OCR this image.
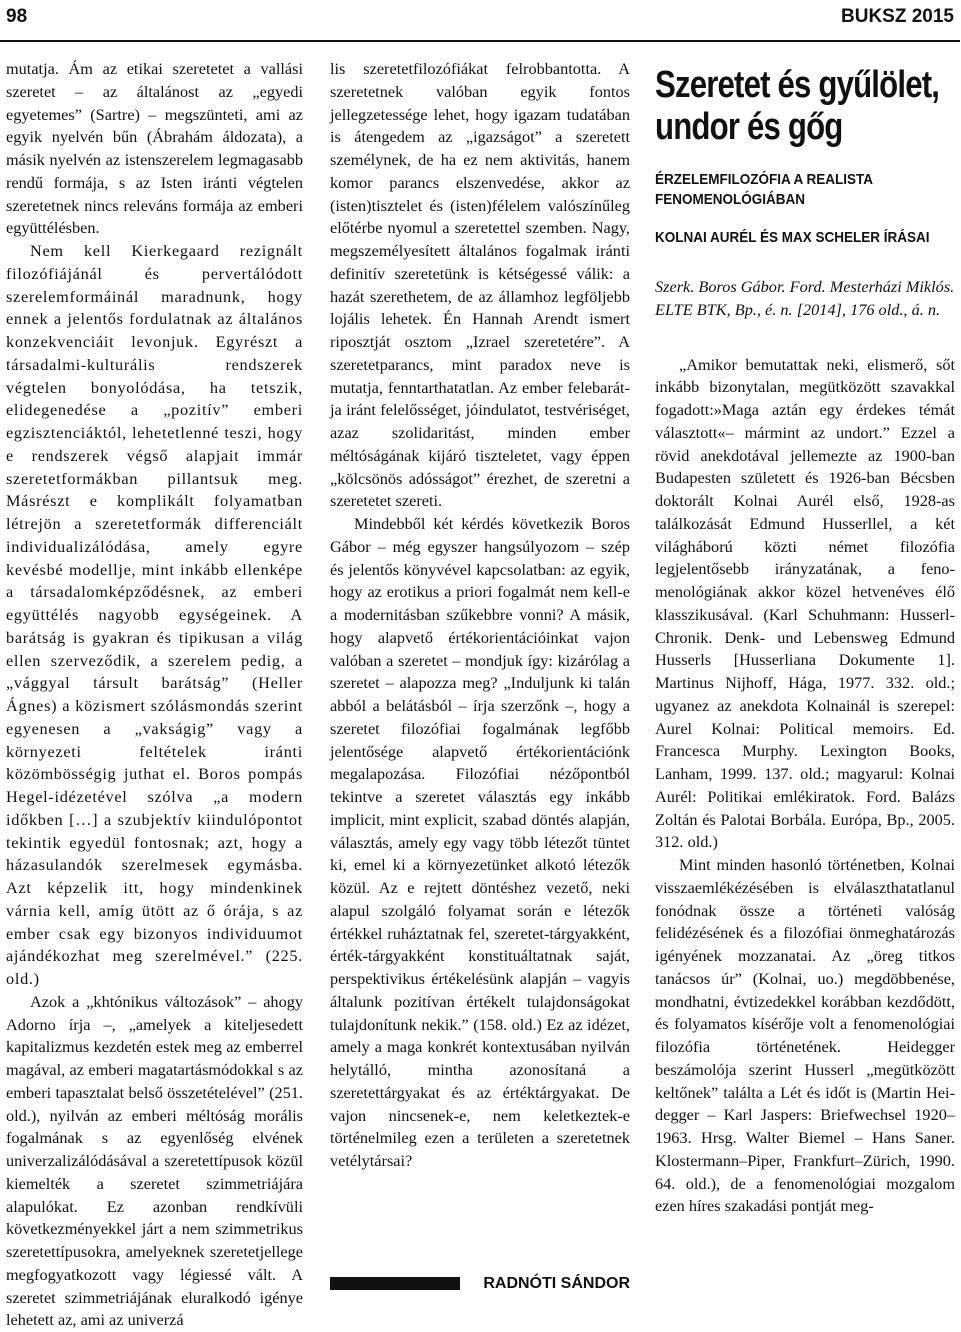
98	BUKSZ 2015

mutatja. Ám az etikai szeretetet a vallási szeretet – az általánost az „egyedi egyetemes” (Sartre) – megszünteti, ami az egyik nyelvén bűn (Ábrahám áldozata), a másik nyelvén az istenszerelem legmagasabb rendű formája, s az Isten iránti végtelen szeretetnek nincs releváns formája az emberi együttélésben.

Nem kell Kierkegaard rezignált filozófiájánál és pervertálódott szerelemformáinál maradnunk, hogy ennek a jelentős fordulatnak az általános konzekvenciáit levonjuk. Egyrészt a társadalmi-kulturális rendszerek végtelen bonyolódása, ha tetszik, elidegenedése a „pozitív” emberi egzisztenciáktól, lehetetlenné teszi, hogy e rendszerek végső alapjait immár szeretetformákban pillantsuk meg. Másrészt e komplikált folyamatban létrejön a szeretetformák differenciált individualizálódása, amely egyre kevésbé modellje, mint inkább ellenképe a társadalomképződésnek, az emberi együttélés nagyobb egységeinek. A barátság is gyakran és tipikusan a világ ellen szerveződik, a szerelem pedig, a „vággyal társult barátság” (Heller Ágnes) a közismert szólásmondás szerint egyenesen a „vakságig” vagy a környezeti feltételek iránti közömbösségig juthat el. Boros pompás Hegel-idézetével szólva „a modern időkben […] a szubjektív kiindulópontot tekintik egyedül fontosnak; azt, hogy a házasulandók szerelmesek egymásba. Azt képzelik itt, hogy mindenkinek várnia kell, amíg ütött az ő órája, s az ember csak egy bizonyos individuumot ajándékozhat meg szerelmével.” (225. old.)

Azok a „khtónikus változások” – ahogy Adorno írja –, „amelyek a kiteljesedett kapitalizmus kezdetén estek meg az emberrel magával, az emberi magatartásmódokkal s az emberi tapasztalat belső összetételével” (251. old.), nyilván az emberi méltóság morális fogalmának s az egyenlőség elvének univerzalizálódásával a szeretettípusok közül kiemelték a szeretet szimmetriájára alapulókat. Ez azonban rendkívüli következményekkel járt a nem szimmetrikus szeretettípusokra, amelyeknek szeretetjellege megfogyatkozott vagy légiessé vált. A szeretet szimmetriájának eluralkodó igénye lehetett az, ami az univerzá

lis szeretetfilozófiákat felrobbantotta. A szeretetnek valóban egyik fontos jellegzetessége lehet, hogy igazam tudatában is átengedem az „igazságot” a szeretett személynek, de ha ez nem aktivitás, hanem komor parancs elszenvedése, akkor az (isten)tisztelet és (isten)félelem valószínűleg előtérbe nyomul a szeretettel szemben. Nagy, megszemélyesített általános fogalmak iránti definitív szeretetünk is kétségessé válik: a hazát szerethetem, de az államhoz legföljebb lojális lehetek. Én Hannah Arendt ismert riposztját osztom „Izrael szeretetére”. A szeretetparancs, mint paradox neve is mutatja, fenntarthatatlan. Az ember felebarátja iránt felelősséget, jóindulatot, testvériséget, azaz szolidaritást, minden ember méltóságának kijáró tiszteletet, vagy éppen „kölcsönös adósságot” érezhet, de szeretni a szeretetet szereti.

Mindebből két kérdés következik Boros Gábor – még egyszer hangsúlyozom – szép és jelentős könyvével kapcsolatban: az egyik, hogy az erotikus a priori fogalmát nem kell-e a modernitásban szűkebbre vonni? A másik, hogy alapvető értékorientációinkat vajon valóban a szeretet – mondjuk így: kizárólag a szeretet – alapozza meg? „Induljunk ki talán abból a belátásból – írja szerzőnk –, hogy a szeretet filozófiai fogalmának legfőbb jelentősége alapvető értékorientációnk megalapozása. Filozófiai nézőpontból tekintve a szeretet választás egy inkább implicit, mint explicit, szabad döntés alapján, választás, amely egy vagy több létezőt tüntet ki, emel ki a környezetünket alkotó létezők közül. Az e rejtett döntéshez vezető, neki alapul szolgáló folyamat során e létezők értékkel ruháztatnak fel, szeretet-tárgyakként, érték-tárgyakként konstituáltatnak saját, perspektivikus értékelésünk alapján – vagyis általunk pozitívan értékelt tulajdonságokat tulajdonítunk nekik.” (158. old.) Ez az idézet, amely a maga konkrét kontextusában nyilván helytálló, mintha azonosítaná a szeretettárgyakat és az értéktárgyakat. De vajon nincsenek-e, nem keletkeztek-e történelmileg ezen a területen a szeretetnek vetélytársai?

RADNÓTI SÁNDOR
Szeretet és gyűlölet, undor és gőg
ÉRZELEMFILOZÓFIA A REALISTA FENOMENOLÓGIÁBAN
KOLNAI AURÉL ÉS MAX SCHELER ÍRÁSAI
Szerk. Boros Gábor. Ford. Mesterházi Miklós. ELTE BTK, Bp., é. n. [2014], 176 old., á. n.

„Amikor bemutattak neki, elismerő, sőt inkább bizonytalan, megütközött szavakkal fogadott:»Maga aztán egy érdekes témát választott«– mármint az undort.” Ezzel a rövid anekdotával jellemezte az 1900-ban Budapesten született és 1926-ban Bécsben doktorált Kolnai Aurél első, 1928-as találkozását Edmund Husserllel, a két világháború közti német filozófia legjelentősebb irányzatának, a fenomenológiának akkor közel hetvenéves élő klasszikusával. (Karl Schuhmann: Husserl-Chronik. Denk- und Lebensweg Edmund Husserls [Husserliana Dokumente 1]. Martinus Nijhoff, Hága, 1977. 332. old.; ugyanez az anekdota Kolnainál is szerepel: Aurel Kolnai: Political memoirs. Ed. Francesca Murphy. Lexington Books, Lanham, 1999. 137. old.; magyarul: Kolnai Aurél: Politikai emlékiratok. Ford. Balázs Zoltán és Palotai Borbála. Európa, Bp., 2005. 312. old.)

Mint minden hasonló történetben, Kolnai visszaemlékézésében is elválaszthatatlanul fonódnak össze a történeti valóság felidézésének és a filozófiai önmeghatározás igényének mozzanatai. Az „öreg titkos tanácsos úr” (Kolnai, uo.) megdöbbenése, mondhatni, évtizedekkel korábban kezdődött, és folyamatos kísérője volt a fenomenológiai filozófia történetének. Heidegger beszámolója szerint Husserl „megütközött keltőnek” találta a Lét és időt is (Martin Heidegger – Karl Jaspers: Briefwechsel 1920–1963. Hrsg. Walter Biemel – Hans Saner. Klostermann–Piper, Frankfurt–Zürich, 1990. 64. old.), de a fenomenológiai mozgalom ezen híres szakadási pontját meg-
